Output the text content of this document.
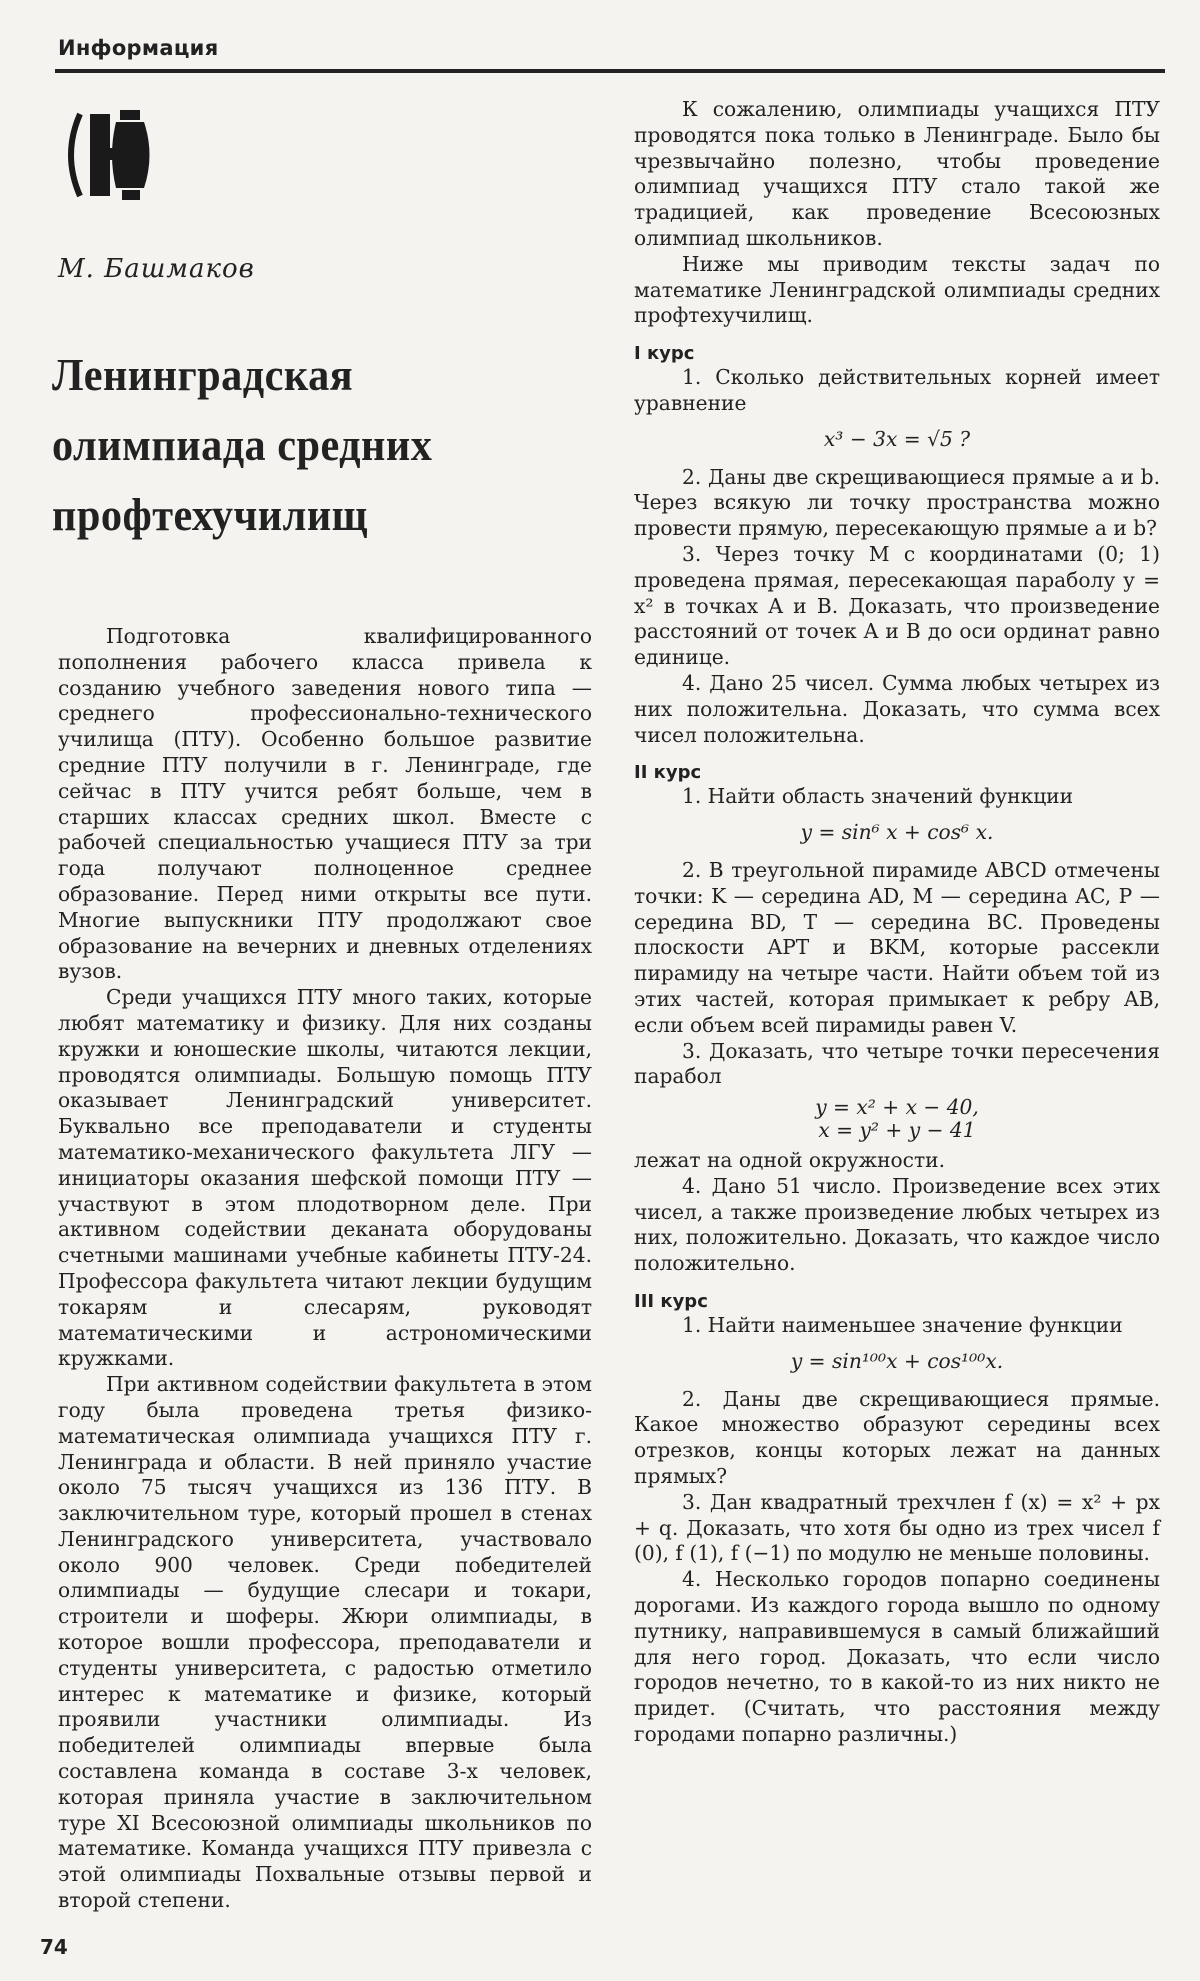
Информация
М. Башмаков
Ленинградская
олимпиада средних
профтехучилищ

Подготовка квалифицированного пополнения рабочего класса привела к созданию учебного заведения нового типа — среднего профессионально-технического училища (ПТУ). Особенно большое развитие средние ПТУ получили в г. Ленинграде, где сейчас в ПТУ учится ребят больше, чем в старших классах средних школ. Вместе с рабочей специальностью учащиеся ПТУ за три года получают полноценное среднее образование. Перед ними открыты все пути. Многие выпускники ПТУ продолжают свое образование на вечерних и дневных отделениях вузов.

Среди учащихся ПТУ много таких, которые любят математику и физику. Для них созданы кружки и юношеские школы, читаются лекции, проводятся олимпиады. Большую помощь ПТУ оказывает Ленинградский университет. Буквально все преподаватели и студенты математико-механического факультета ЛГУ — инициаторы оказания шефской помощи ПТУ — участвуют в этом плодотворном деле. При активном содействии деканата оборудованы счетными машинами учебные кабинеты ПТУ-24. Профессора факультета читают лекции будущим токарям и слесарям, руководят математическими и астрономическими кружками.

При активном содействии факультета в этом году была проведена третья физико-математическая олимпиада учащихся ПТУ г. Ленинграда и области. В ней приняло участие около 75 тысяч учащихся из 136 ПТУ. В заключительном туре, который прошел в стенах Ленинградского университета, участвовало около 900 человек. Среди победителей олимпиады — будущие слесари и токари, строители и шоферы. Жюри олимпиады, в которое вошли профессора, преподаватели и студенты университета, с радостью отметило интерес к математике и физике, который проявили участники олимпиады. Из победителей олимпиады впервые была составлена команда в составе 3-х человек, которая приняла участие в заключительном туре XI Всесоюзной олимпиады школьников по математике. Команда учащихся ПТУ привезла с этой олимпиады Похвальные отзывы первой и второй степени.

К сожалению, олимпиады учащихся ПТУ проводятся пока только в Ленинграде. Было бы чрезвычайно полезно, чтобы проведение олимпиад учащихся ПТУ стало такой же традицией, как проведение Всесоюзных олимпиад школьников.

Ниже мы приводим тексты задач по математике Ленинградской олимпиады средних профтехучилищ.

I курс

1. Сколько действительных корней имеет уравнение

x³ − 3x = √5 ?

2. Даны две скрещивающиеся прямые a и b. Через всякую ли точку пространства можно провести прямую, пересекающую прямые a и b?

3. Через точку M с координатами (0; 1) проведена прямая, пересекающая параболу y = x² в точках A и B. Доказать, что произведение расстояний от точек A и B до оси ординат равно единице.

4. Дано 25 чисел. Сумма любых четырех из них положительна. Доказать, что сумма всех чисел положительна.

II курс

1. Найти область значений функции

y = sin⁶ x + cos⁶ x.

2. В треугольной пирамиде ABCD отмечены точки: K — середина AD, M — середина AC, P — середина BD, T — середина BC. Проведены плоскости APT и BKM, которые рассекли пирамиду на четыре части. Найти объем той из этих частей, которая примыкает к ребру AB, если объем всей пирамиды равен V.

3. Доказать, что четыре точки пересечения парабол

y = x² + x − 40,
x = y² + y − 41

лежат на одной окружности.

4. Дано 51 число. Произведение всех этих чисел, а также произведение любых четырех из них, положительно. Доказать, что каждое число положительно.

III курс

1. Найти наименьшее значение функции

y = sin¹⁰⁰x + cos¹⁰⁰x.

2. Даны две скрещивающиеся прямые. Какое множество образуют середины всех отрезков, концы которых лежат на данных прямых?

3. Дан квадратный трехчлен f (x) = x² + px + q. Доказать, что хотя бы одно из трех чисел f (0), f (1), f (−1) по модулю не меньше половины.

4. Несколько городов попарно соединены дорогами. Из каждого города вышло по одному путнику, направившемуся в самый ближайший для него город. Доказать, что если число городов нечетно, то в какой-то из них никто не придет. (Считать, что расстояния между городами попарно различны.)

74
